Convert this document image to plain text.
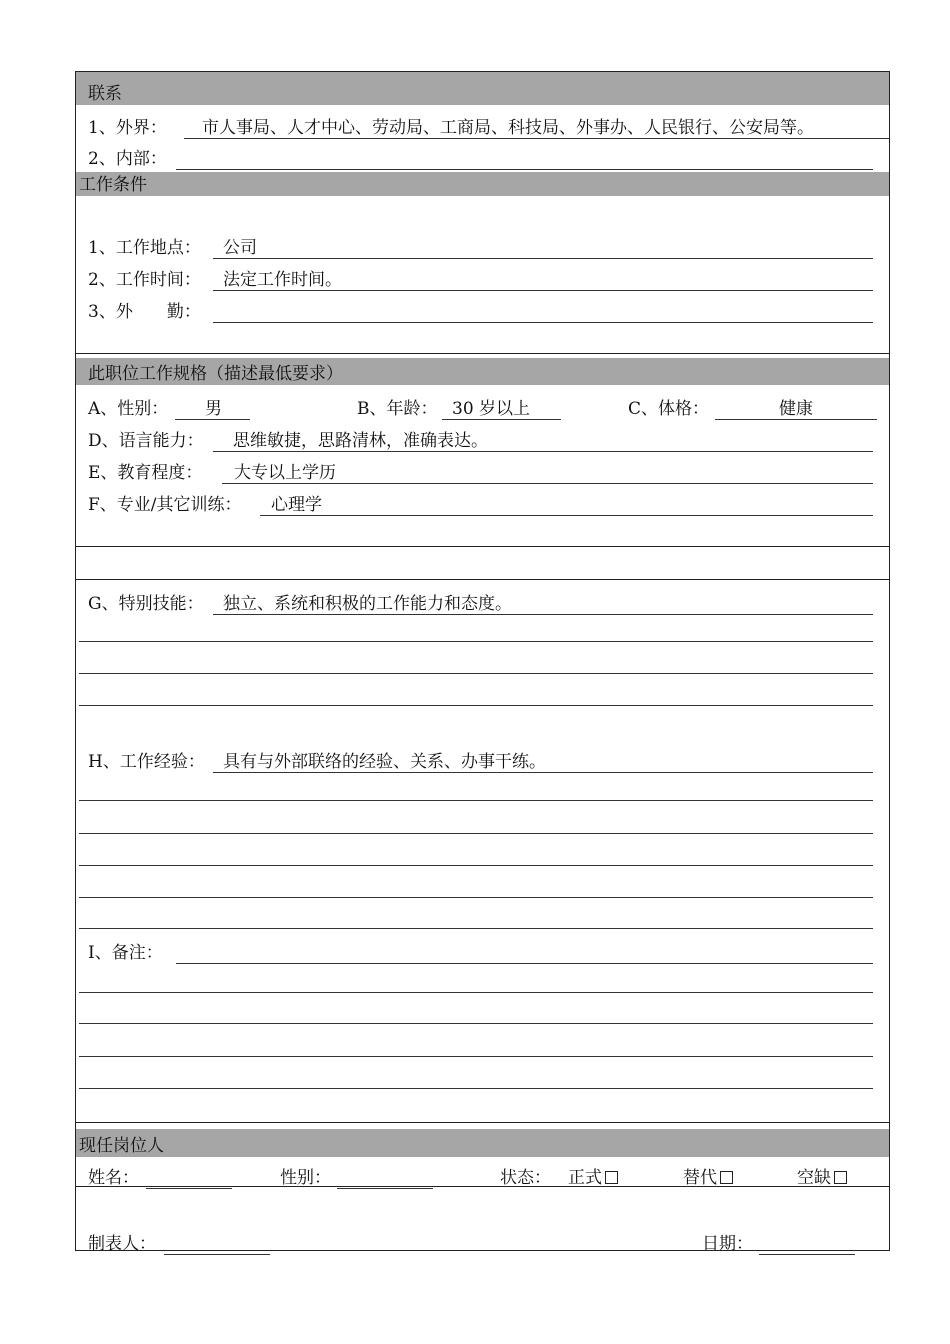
联系
1、外界：	市人事局、人才中心、劳动局、工商局、科技局、外事办、人民银行、公安局等。
2、内部：
工作条件
1、工作地点：	公司
2、工作时间：	法定工作时间。
3、外　　勤：
此职位工作规格（描述最低要求）
A、性别：	男	B、年龄： 30 岁以上	C、体格：	健康
D、语言能力：	思维敏捷，思路清林，准确表达。
E、教育程度：	大专以上学历
F、专业/其它训练：	心理学
G、特别技能：	独立、系统和积极的工作能力和态度。
H、工作经验：	具有与外部联络的经验、关系、办事干练。
I、备注：
现任岗位人
姓名：	性别：	状态： 正式	替代	空缺
制表人：	日期：
